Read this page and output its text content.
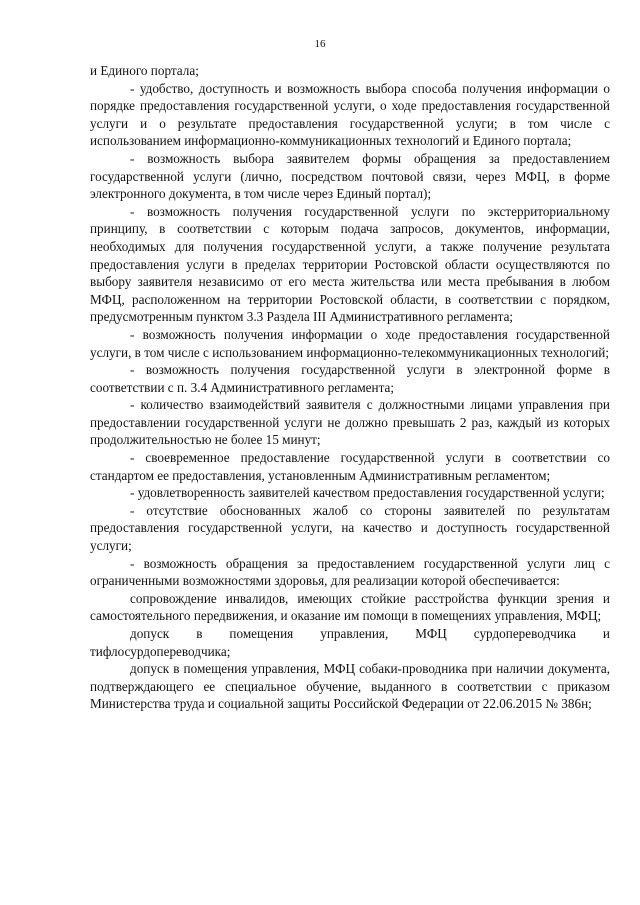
16

и Единого портала;

- удобство, доступность и возможность выбора способа получения информации о порядке предоставления государственной услуги, о ходе предоставления государственной услуги и о результате предоставления государственной услуги; в том числе с использованием информационно-коммуникационных технологий и Единого портала;

- возможность выбора заявителем формы обращения за предоставлением государственной услуги (лично, посредством почтовой связи, через МФЦ, в форме электронного документа, в том числе через Единый портал);

- возможность получения государственной услуги по экстерриториальному принципу, в соответствии с которым подача запросов, документов, информации, необходимых для получения государственной услуги, а также получение результата предоставления услуги в пределах территории Ростовской области осуществляются по выбору заявителя независимо от его места жительства или места пребывания в любом МФЦ, расположенном на территории Ростовской области, в соответствии с порядком, предусмотренным пунктом 3.3 Раздела III Административного регламента;

- возможность получения информации о ходе предоставления государственной услуги, в том числе с использованием информационно-телекоммуникационных технологий;

- возможность получения государственной услуги в электронной форме в соответствии с п. 3.4 Административного регламента;

- количество взаимодействий заявителя с должностными лицами управления при предоставлении государственной услуги не должно превышать 2 раз, каждый из которых продолжительностью не более 15 минут;

- своевременное предоставление государственной услуги в соответствии со стандартом ее предоставления, установленным Административным регламентом;

- удовлетворенность заявителей качеством предоставления государственной услуги;

- отсутствие обоснованных жалоб со стороны заявителей по результатам предоставления государственной услуги, на качество и доступность государственной услуги;

- возможность обращения за предоставлением государственной услуги лиц с ограниченными возможностями здоровья, для реализации которой обеспечивается:

сопровождение инвалидов, имеющих стойкие расстройства функции зрения и самостоятельного передвижения, и оказание им помощи в помещениях управления, МФЦ;

допуск в помещения управления, МФЦ сурдопереводчика и тифлосурдопереводчика;

допуск в помещения управления, МФЦ собаки-проводника при наличии документа, подтверждающего ее специальное обучение, выданного в соответствии с приказом Министерства труда и социальной защиты Российской Федерации от 22.06.2015 № 386н;
